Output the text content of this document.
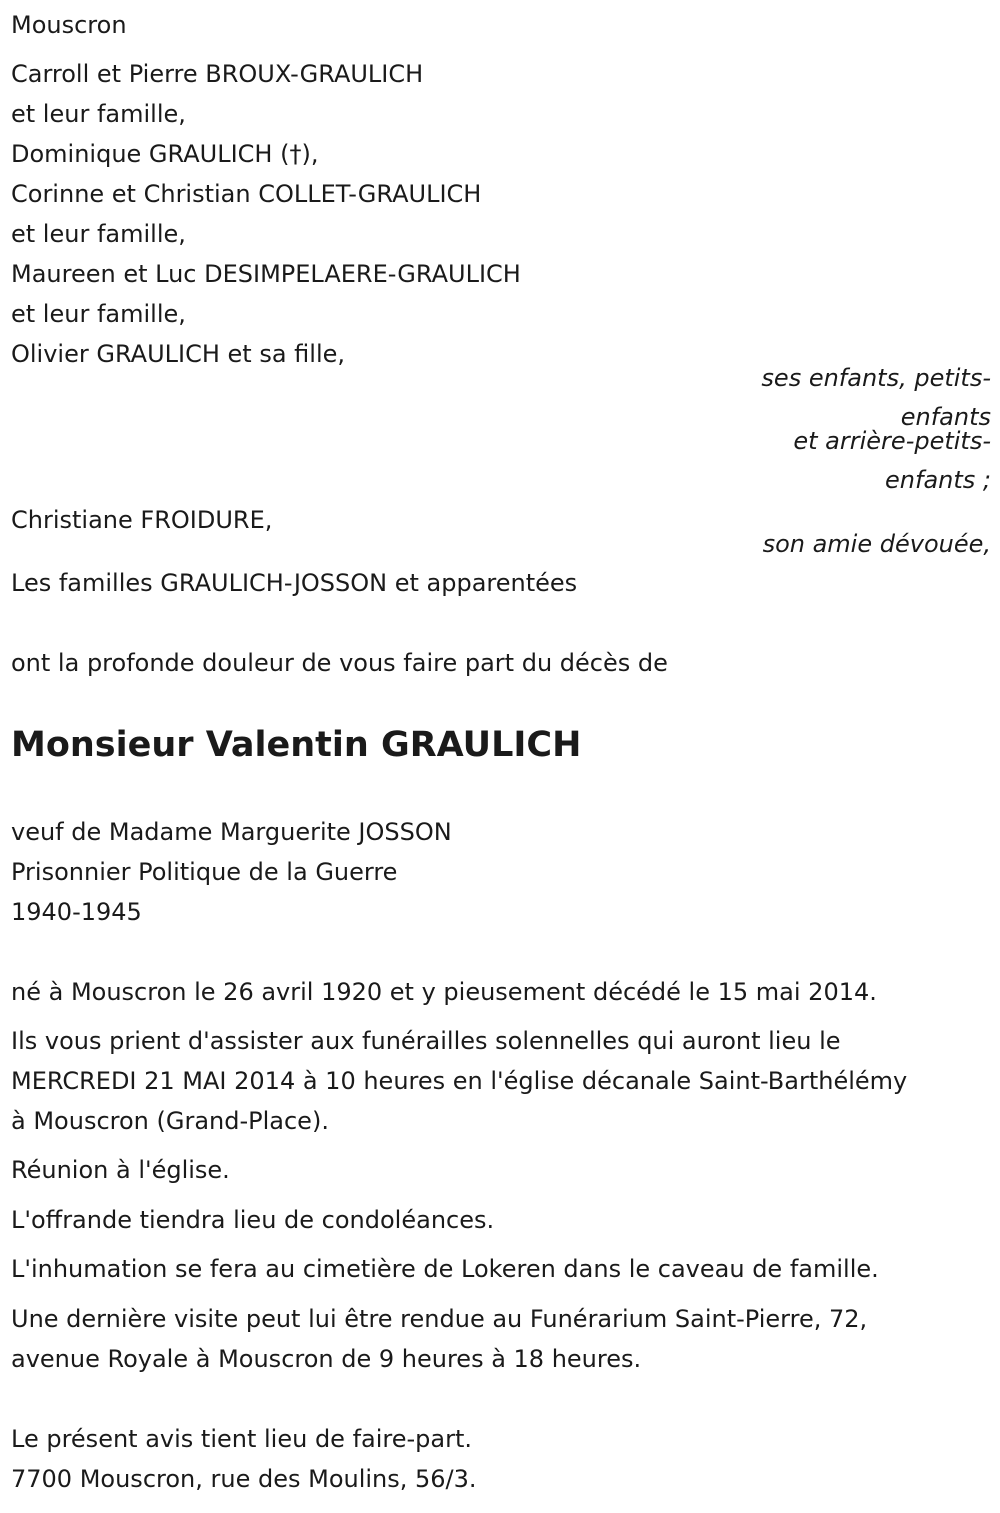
Mouscron
Carroll et Pierre BROUX-GRAULICH
et leur famille,
Dominique GRAULICH (†),
Corinne et Christian COLLET-GRAULICH
et leur famille,
Maureen et Luc DESIMPELAERE-GRAULICH
et leur famille,
Olivier GRAULICH et sa fille,
ses enfants, petits-
enfants
et arrière-petits-
enfants ;
Christiane FROIDURE,
son amie dévouée,
Les familles GRAULICH-JOSSON et apparentées
ont la profonde douleur de vous faire part du décès de
Monsieur Valentin GRAULICH
veuf de Madame Marguerite JOSSON
Prisonnier Politique de la Guerre
1940-1945
né à Mouscron le 26 avril 1920 et y pieusement décédé le 15 mai 2014.
Ils vous prient d'assister aux funérailles solennelles qui auront lieu le
MERCREDI 21 MAI 2014 à 10 heures en l'église décanale Saint-Barthélémy
à Mouscron (Grand-Place).
Réunion à l'église.
L'offrande tiendra lieu de condoléances.
L'inhumation se fera au cimetière de Lokeren dans le caveau de famille.
Une dernière visite peut lui être rendue au Funérarium Saint-Pierre, 72,
avenue Royale à Mouscron de 9 heures à 18 heures.
Le présent avis tient lieu de faire-part.
7700 Mouscron, rue des Moulins, 56/3.
